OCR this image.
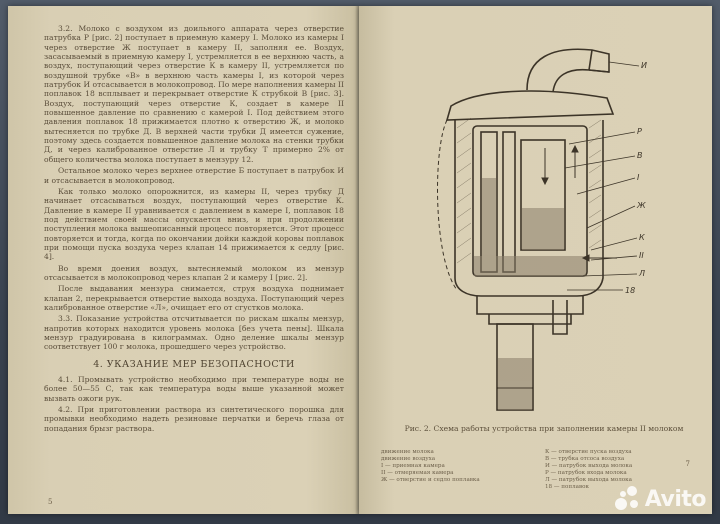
3.2. Молоко с воздухом из доильного аппарата через отверстие патрубка Р [рис. 2] поступает в приемную камеру I. Молоко из камеры I через отверстие Ж поступает в камеру II, заполняя ее. Воздух, засасываемый в приемную камеру I, устремляется в ее верхнюю часть, а воздух, поступающий через отверстие К в камеру II, устремляется по воздушной трубке «В» в верхнюю часть камеры I, из которой через патрубок И отсасывается в молокопровод. По мере наполнения камеры II поплавок 18 всплывает и перекрывает отверстие К струбкой В [рис. 3]. Воздух, поступающий через отверстие К, создает в камере II повышенное давление по сравнению с камерой I. Под действием этого давления поплавок 18 прижимается плотно к отверстию Ж, и молоко вытесняется по трубке Д. В верхней части трубки Д имеется сужение, поэтому здесь создается повышенное давление молока на стенки трубки Д, и через калиброванное отверстие Л и трубку Т примерно 2% от общего количества молока поступает в мензуру 12.

Остальное молоко через верхнее отверстие Б поступает в патрубок И и отсасывается в молокопровод.

Как только молоко опорожнится, из камеры II, через трубку Д начинает отсасываться воздух, поступающий через отверстие К. Давление в камере II уравнивается с давлением в камере I, поплавок 18 под действием своей массы опускается вниз, и при продолжении поступления молока вышеописанный процесс повторяется. Этот процесс повторяется и тогда, когда по окончании дойки каждой коровы поплавок при помощи пуска воздуха через клапан 14 прижимается к седлу [рис. 4].

Во время доения воздух, вытесняемый молоком из мензур отсасывается в молокопровод через клапан 2 и камеру I [рис. 2].

После выдавания мензура снимается, струя воздуха поднимает клапан 2, перекрывается отверстие выхода воздуха. Поступающий через калиброванное отверстие «Л», очищает его от сгустков молока.

3.3. Показание устройства отсчитывается по рискам шкалы мензур, напротив которых находится уровень молока [без учета пены]. Шкала мензур градуирована в килограммах. Одно деление шкалы мензур соответствует 100 г молока, прошедшего через устройство.

4. УКАЗАНИЕ МЕР БЕЗОПАСНОСТИ

4.1. Промывать устройство необходимо при температуре воды не более 50—55 С, так как температура воды выше указанной может вызвать ожоги рук.

4.2. При приготовлении раствора из синтетического порошка для промывки необходимо надеть резиновые перчатки и беречь глаза от попадания брызг раствора.

5
И
Р
В
I
Ж
К
II
Л
18
Рис. 2. Схема работы устройства при заполнении камеры II молоком
движение молока
движение воздуха
I — приемная камера
II — отмеряемая камера
Ж — отверстие и седло поплавка
К — отверстие пуска воздуха
В — трубка отсоса воздуха
И — патрубок выхода молока
Р — патрубок входа молока
Л — патрубок выхода молока
18 — поплавок
7
Avito
